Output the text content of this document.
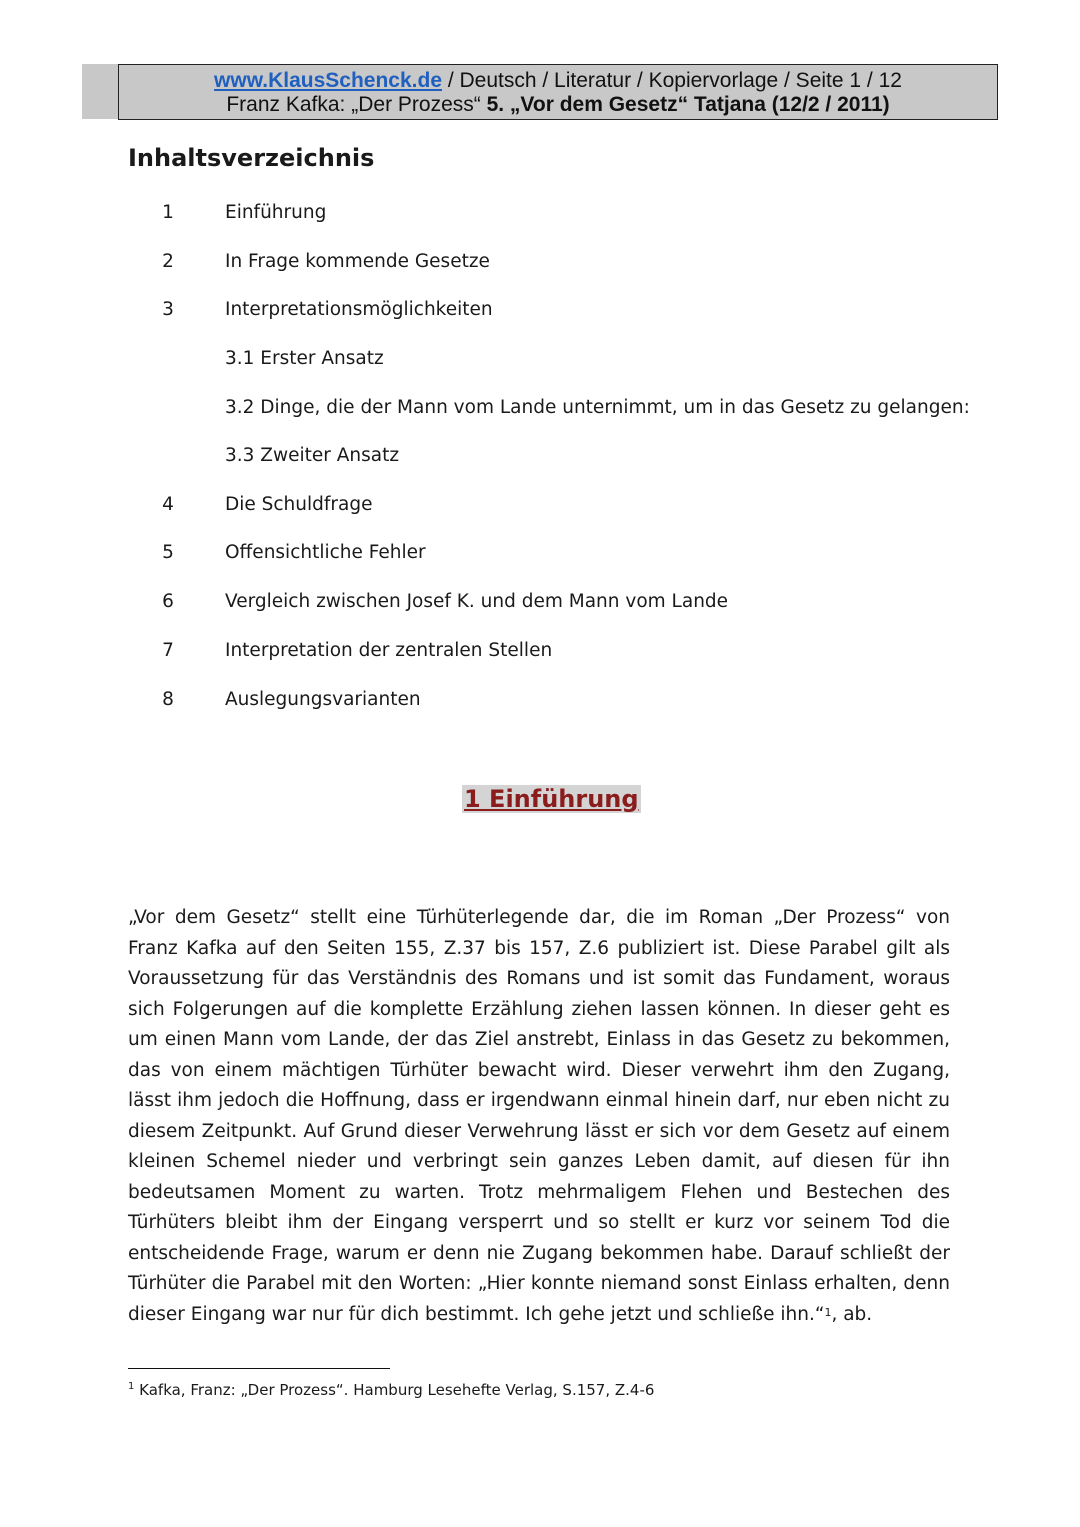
www.KlausSchenck.de / Deutsch / Literatur / Kopiervorlage / Seite 1 / 12
Franz Kafka: „Der Prozess“ 5. „Vor dem Gesetz“ Tatjana (12/2 / 2011)
Inhaltsverzeichnis
1	Einführung
2	In Frage kommende Gesetze
3	Interpretationsmöglichkeiten
3.1 Erster Ansatz
3.2 Dinge, die der Mann vom Lande unternimmt, um in das Gesetz zu gelangen:
3.3 Zweiter Ansatz
4	Die Schuldfrage
5	Offensichtliche Fehler
6	Vergleich zwischen Josef K. und dem Mann vom Lande
7	Interpretation der zentralen Stellen
8	Auslegungsvarianten
1 Einführung
„Vor dem Gesetz“ stellt eine Türhüterlegende dar, die im Roman „Der Prozess“ von Franz Kafka auf den Seiten 155, Z.37 bis 157, Z.6 publiziert ist. Diese Parabel gilt als Voraussetzung für das Verständnis des Romans und ist somit das Fundament, woraus sich Folgerungen auf die komplette Erzählung ziehen lassen können. In dieser geht es um einen Mann vom Lande, der das Ziel anstrebt, Einlass in das Gesetz zu bekommen, das von einem mächtigen Türhüter bewacht wird. Dieser verwehrt ihm den Zugang, lässt ihm jedoch die Hoffnung, dass er irgendwann einmal hinein darf, nur eben nicht zu diesem Zeitpunkt. Auf Grund dieser Verwehrung lässt er sich vor dem Gesetz auf einem kleinen Schemel nieder und verbringt sein ganzes Leben damit, auf diesen für ihn bedeutsamen Moment zu warten. Trotz mehrmaligem Flehen und Bestechen des Türhüters bleibt ihm der Eingang versperrt und so stellt er kurz vor seinem Tod die entscheidende Frage, warum er denn nie Zugang bekommen habe. Darauf schließt der Türhüter die Parabel mit den Worten: „Hier konnte niemand sonst Einlass erhalten, denn dieser Eingang war nur für dich bestimmt. Ich gehe jetzt und schließe ihn.“$^1$, ab.
$^1$ Kafka, Franz: „Der Prozess“. Hamburg Lesehefte Verlag, S.157, Z.4-6
